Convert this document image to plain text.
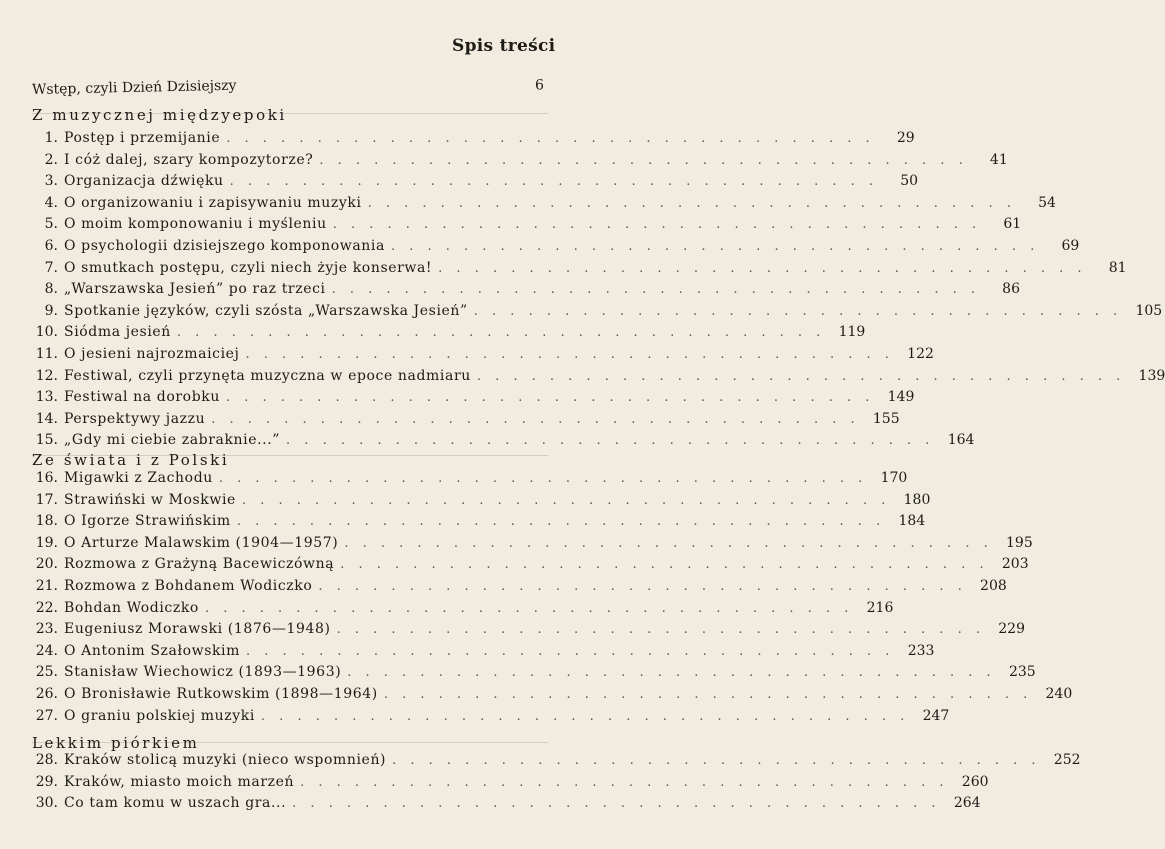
Spis treści
Wstęp, czyli Dzień Dzisiejszy	6
Z muzycznej międzyepoki
1. Postęp i przemijanie . . . . . . . . . . . . . . . . . . . . . . . . . . . . . . . . . . . .	29
2. I cóż dalej, szary kompozytorze? . . . . . . . . . . . . . . . . . . . . . . . . . . . . . . . . . . . .	41
3. Organizacja dźwięku . . . . . . . . . . . . . . . . . . . . . . . . . . . . . . . . . . . .	50
4. O organizowaniu i zapisywaniu muzyki . . . . . . . . . . . . . . . . . . . . . . . . . . . . . . . . . . . .	54
5. O moim komponowaniu i myśleniu . . . . . . . . . . . . . . . . . . . . . . . . . . . . . . . . . . . .	61
6. O psychologii dzisiejszego komponowania . . . . . . . . . . . . . . . . . . . . . . . . . . . . . . . . . . . .	69
7. O smutkach postępu, czyli niech żyje konserwa! . . . . . . . . . . . . . . . . . . . . . . . . . . . . . . . . . . . .	81
8. „Warszawska Jesień” po raz trzeci . . . . . . . . . . . . . . . . . . . . . . . . . . . . . . . . . . . .	86
9. Spotkanie języków, czyli szósta „Warszawska Jesień” . . . . . . . . . . . . . . . . . . . . . . . . . . . . . . . . . . . . 105
10. Siódma jesień . . . . . . . . . . . . . . . . . . . . . . . . . . . . . . . . . . . . 119
11. O jesieni najrozmaiciej . . . . . . . . . . . . . . . . . . . . . . . . . . . . . . . . . . . . 122
12. Festiwal, czyli przynęta muzyczna w epoce nadmiaru . . . . . . . . . . . . . . . . . . . . . . . . . . . . . . . . . . . . 139
13. Festiwal na dorobku . . . . . . . . . . . . . . . . . . . . . . . . . . . . . . . . . . . . 149
14. Perspektywy jazzu . . . . . . . . . . . . . . . . . . . . . . . . . . . . . . . . . . . . 155
15. „Gdy mi ciebie zabraknie...” . . . . . . . . . . . . . . . . . . . . . . . . . . . . . . . . . . . . 164
Ze świata i z Polski
16. Migawki z Zachodu . . . . . . . . . . . . . . . . . . . . . . . . . . . . . . . . . . . . 170
17. Strawiński w Moskwie . . . . . . . . . . . . . . . . . . . . . . . . . . . . . . . . . . . . 180
18. O Igorze Strawińskim . . . . . . . . . . . . . . . . . . . . . . . . . . . . . . . . . . . . 184
19. O Arturze Malawskim (1904—1957) . . . . . . . . . . . . . . . . . . . . . . . . . . . . . . . . . . . . 195
20. Rozmowa z Grażyną Bacewiczówną . . . . . . . . . . . . . . . . . . . . . . . . . . . . . . . . . . . . 203
21. Rozmowa z Bohdanem Wodiczko . . . . . . . . . . . . . . . . . . . . . . . . . . . . . . . . . . . . 208
22. Bohdan Wodiczko . . . . . . . . . . . . . . . . . . . . . . . . . . . . . . . . . . . . 216
23. Eugeniusz Morawski (1876—1948) . . . . . . . . . . . . . . . . . . . . . . . . . . . . . . . . . . . . 229
24. O Antonim Szałowskim . . . . . . . . . . . . . . . . . . . . . . . . . . . . . . . . . . . . 233
25. Stanisław Wiechowicz (1893—1963) . . . . . . . . . . . . . . . . . . . . . . . . . . . . . . . . . . . . 235
26. O Bronisławie Rutkowskim (1898—1964) . . . . . . . . . . . . . . . . . . . . . . . . . . . . . . . . . . . . 240
27. O graniu polskiej muzyki . . . . . . . . . . . . . . . . . . . . . . . . . . . . . . . . . . . . 247
Lekkim piórkiem
28. Kraków stolicą muzyki (nieco wspomnień) . . . . . . . . . . . . . . . . . . . . . . . . . . . . . . . . . . . . 252
29. Kraków, miasto moich marzeń . . . . . . . . . . . . . . . . . . . . . . . . . . . . . . . . . . . . 260
30. Co tam komu w uszach gra... . . . . . . . . . . . . . . . . . . . . . . . . . . . . . . . . . . . . 264
